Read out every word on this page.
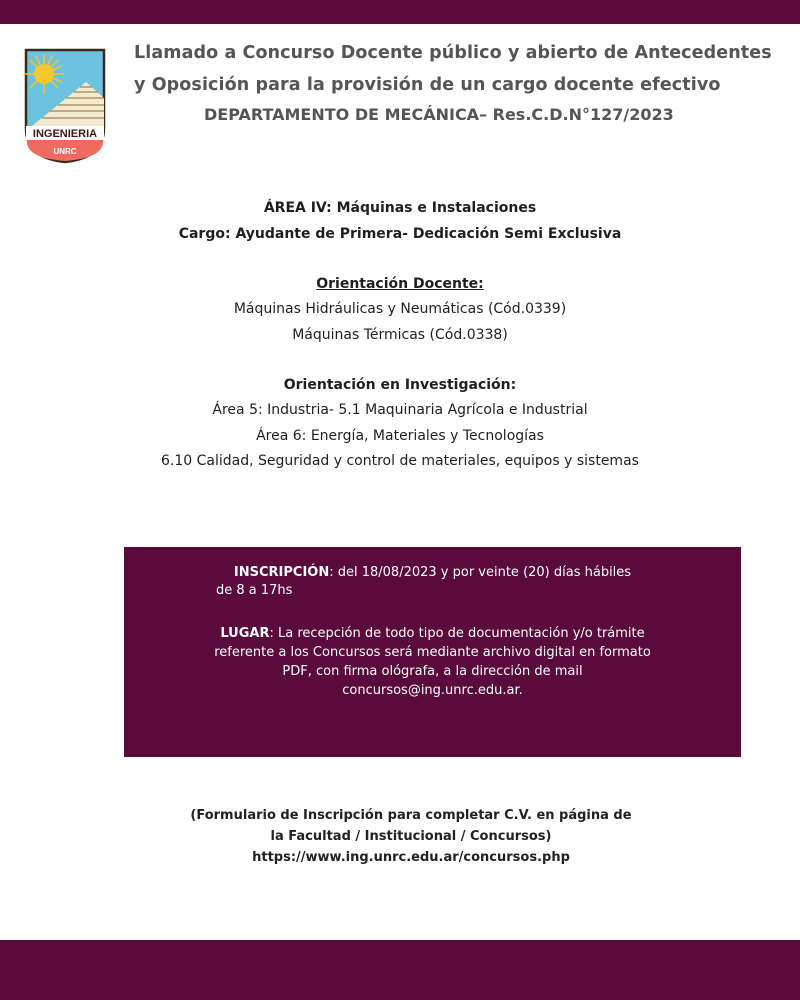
INGENIERIA
UNRC
Llamado a Concurso Docente público y abierto de Antecedentes
y Oposición para la provisión de un cargo docente efectivo
DEPARTAMENTO DE MECÁNICA– Res.C.D.N°127/2023
ÁREA IV: Máquinas e Instalaciones
Cargo: Ayudante de Primera- Dedicación Semi Exclusiva
Orientación Docente:
Máquinas Hidráulicas y Neumáticas (Cód.0339)
Máquinas Térmicas (Cód.0338)
Orientación en Investigación:
Área 5: Industria- 5.1 Maquinaria Agrícola e Industrial
Área 6: Energía, Materiales y Tecnologías
6.10 Calidad, Seguridad y control de materiales, equipos y sistemas
INSCRIPCIÓN: del 18/08/2023 y por veinte (20) días hábiles
de 8 a 17hs
LUGAR: La recepción de todo tipo de documentación y/o trámite
referente a los Concursos será mediante archivo digital en formato
PDF, con firma ológrafa, a la dirección de mail
concursos@ing.unrc.edu.ar.
(Formulario de Inscripción para completar C.V. en página de
la Facultad / Institucional / Concursos)
https://www.ing.unrc.edu.ar/concursos.php
